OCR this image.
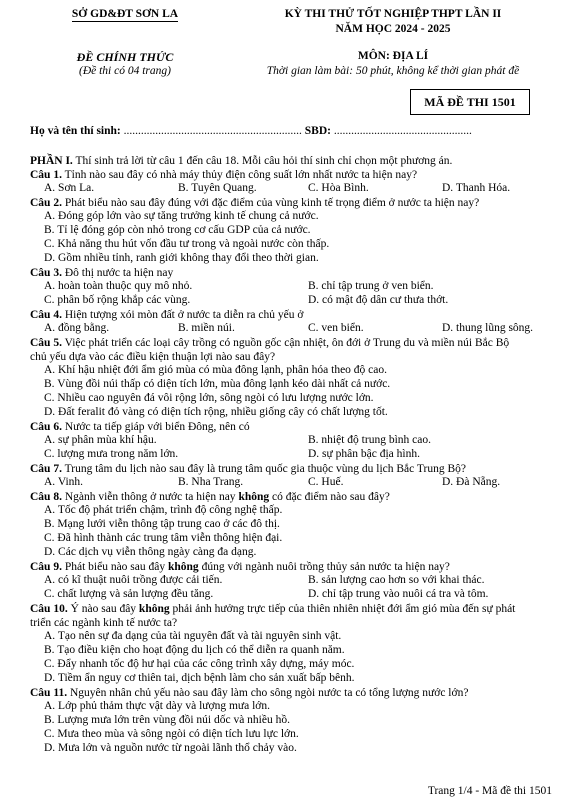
SỞ GD&ĐT SƠN LA
ĐỀ CHÍNH THỨC
(Đề thi có 04 trang)
KỲ THI THỬ TỐT NGHIỆP THPT LẦN II
NĂM HỌC 2024 - 2025
MÔN: ĐỊA LÍ
Thời gian làm bài: 50 phút, không kể thời gian phát đề
MÃ ĐỀ THI 1501
Họ và tên thí sinh: .............................................................. SBD: ................................................
PHẦN I. Thí sinh trả lời từ câu 1 đến câu 18. Mỗi câu hỏi thí sinh chỉ chọn một phương án.
Câu 1. Tỉnh nào sau đây có nhà máy thủy điện công suất lớn nhất nước ta hiện nay?
A. Sơn La.	B. Tuyên Quang.	C. Hòa Bình.	D. Thanh Hóa.
Câu 2. Phát biểu nào sau đây đúng với đặc điểm của vùng kinh tế trọng điểm ở nước ta hiện nay?
A. Đóng góp lớn vào sự tăng trưởng kinh tế chung cả nước.
B. Tỉ lệ đóng góp còn nhỏ trong cơ cấu GDP của cả nước.
C. Khả năng thu hút vốn đầu tư trong và ngoài nước còn thấp.
D. Gồm nhiều tỉnh, ranh giới không thay đổi theo thời gian.
Câu 3. Đô thị nước ta hiện nay
A. hoàn toàn thuộc quy mô nhỏ.	B. chỉ tập trung ở ven biển.
C. phân bố rộng khắp các vùng.	D. có mật độ dân cư thưa thớt.
Câu 4. Hiện tượng xói mòn đất ở nước ta diễn ra chủ yếu ở
A. đồng bằng.	B. miền núi.	C. ven biển.	D. thung lũng sông.
Câu 5. Việc phát triển các loại cây trồng có nguồn gốc cận nhiệt, ôn đới ở Trung du và miền núi Bắc Bộ
chủ yếu dựa vào các điều kiện thuận lợi nào sau đây?
A. Khí hậu nhiệt đới ẩm gió mùa có mùa đông lạnh, phân hóa theo độ cao.
B. Vùng đồi núi thấp có diện tích lớn, mùa đông lạnh kéo dài nhất cả nước.
C. Nhiều cao nguyên đá vôi rộng lớn, sông ngòi có lưu lượng nước lớn.
D. Đất feralit đỏ vàng có diện tích rộng, nhiều giống cây có chất lượng tốt.
Câu 6. Nước ta tiếp giáp với biển Đông, nên có
A. sự phân mùa khí hậu.	B. nhiệt độ trung bình cao.
C. lượng mưa trong năm lớn.	D. sự phân bậc địa hình.
Câu 7. Trung tâm du lịch nào sau đây là trung tâm quốc gia thuộc vùng du lịch Bắc Trung Bộ?
A. Vinh.	B. Nha Trang.	C. Huế.	D. Đà Nẵng.
Câu 8. Ngành viễn thông ở nước ta hiện nay không có đặc điểm nào sau đây?
A. Tốc độ phát triển chậm, trình độ công nghệ thấp.
B. Mạng lưới viễn thông tập trung cao ở các đô thị.
C. Đã hình thành các trung tâm viễn thông hiện đại.
D. Các dịch vụ viễn thông ngày càng đa dạng.
Câu 9. Phát biểu nào sau đây không đúng với ngành nuôi trồng thủy sản nước ta hiện nay?
A. có kĩ thuật nuôi trồng được cải tiến.	B. sản lượng cao hơn so với khai thác.
C. chất lượng và sản lượng đều tăng.	D. chỉ tập trung vào nuôi cá tra và tôm.
Câu 10. Ý nào sau đây không phải ảnh hưởng trực tiếp của thiên nhiên nhiệt đới ẩm gió mùa đến sự phát
triển các ngành kinh tế nước ta?
A. Tạo nên sự đa dạng của tài nguyên đất và tài nguyên sinh vật.
B. Tạo điều kiện cho hoạt động du lịch có thể diễn ra quanh năm.
C. Đẩy nhanh tốc độ hư hại của các công trình xây dựng, máy móc.
D. Tiềm ẩn nguy cơ thiên tai, dịch bệnh làm cho sản xuất bấp bênh.
Câu 11. Nguyên nhân chủ yếu nào sau đây làm cho sông ngòi nước ta có tổng lượng nước lớn?
A. Lớp phủ thảm thực vật dày và lượng mưa lớn.
B. Lượng mưa lớn trên vùng đồi núi dốc và nhiều hồ.
C. Mưa theo mùa và sông ngòi có diện tích lưu lực lớn.
D. Mưa lớn và nguồn nước từ ngoài lãnh thổ chảy vào.
Trang 1/4 - Mã đề thi 1501
